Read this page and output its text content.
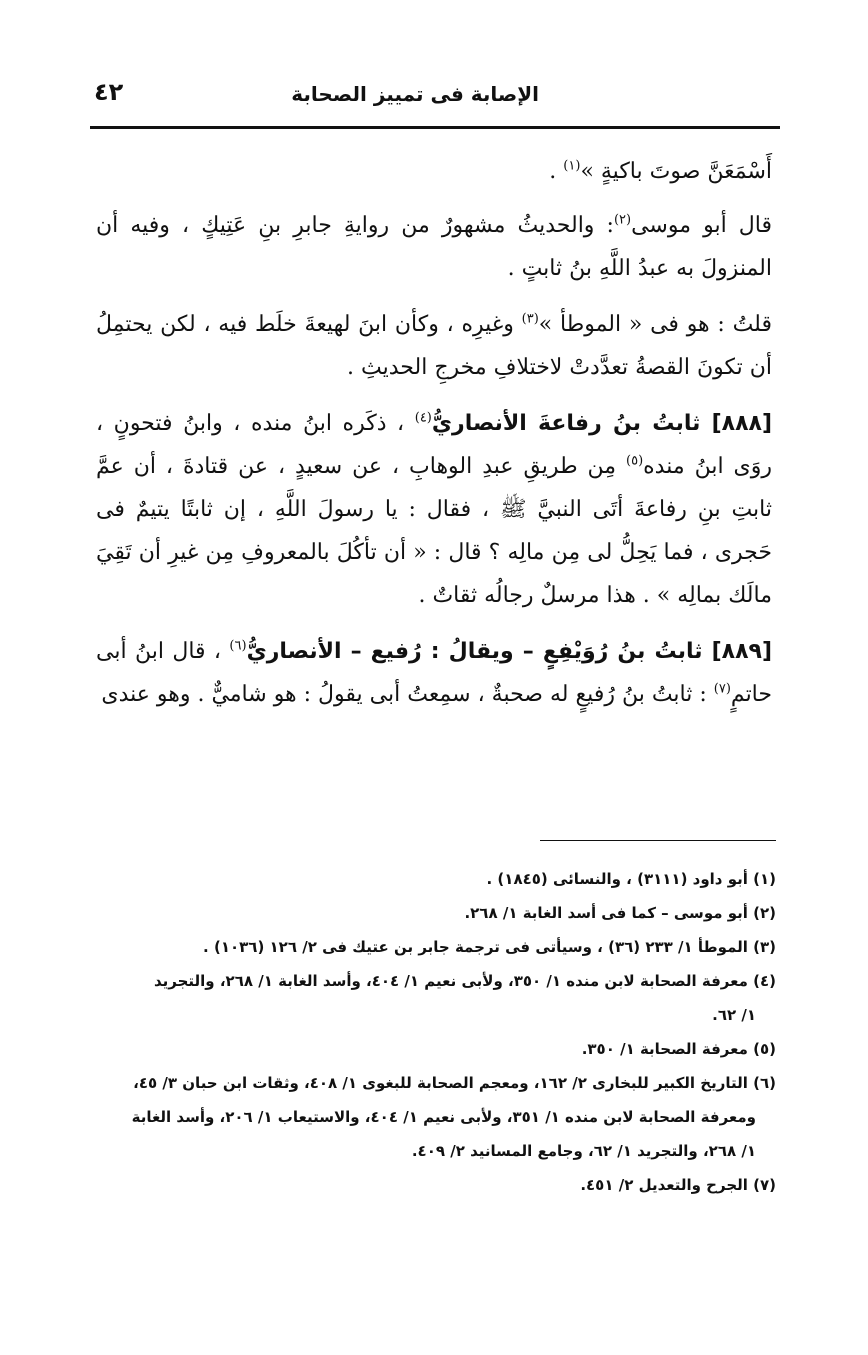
٤٢	الإصابة فى تمييز الصحابة

أَسْمَعَنَّ صوتَ باكيةٍ »$^{(١)}$ .

قال أبو موسى$^{(٢)}$: والحديثُ مشهورٌ من روايةِ جابرِ بنِ عَتِيكٍ ، وفيه أن المنزولَ به عبدُ اللَّهِ بنُ ثابتٍ .

قلتُ : هو فى « الموطأ »$^{(٣)}$ وغيرِه ، وكأن ابنَ لهيعةَ خلَط فيه ، لكن يحتمِلُ أن تكونَ القصةُ تعدَّدتْ لاختلافِ مخرجِ الحديثِ .

[٨٨٨] ثابتُ بنُ رفاعةَ الأنصاريُّ$^{(٤)}$ ، ذكَره ابنُ منده ، وابنُ فتحونٍ ، روَى ابنُ منده$^{(٥)}$ مِن طريقِ عبدِ الوهابِ ، عن سعيدٍ ، عن قتادةَ ، أن عمَّ ثابتِ بنِ رفاعةَ أتَى النبيَّ ﷺ ، فقال : يا رسولَ اللَّهِ ، إن ثابتًا يتيمٌ فى حَجرى ، فما يَحِلُّ لى مِن مالِه ؟ قال : « أن تأكُلَ بالمعروفِ مِن غيرِ أن تَقِيَ مالَك بمالِه » . هذا مرسلٌ رجالُه ثقاتٌ .

[٨٨٩] ثابتُ بنُ رُوَيْفِعٍ – ويقالُ : رُفيع – الأنصاريُّ$^{(٦)}$ ، قال ابنُ أبى حاتمٍ$^{(٧)}$ : ثابتُ بنُ رُفيعٍ له صحبةٌ ، سمِعتُ أبى يقولُ : هو شاميٌّ . وهو عندى

(١) أبو داود (٣١١١) ، والنسائى (١٨٤٥) .

(٢) أبو موسى – كما فى أسد الغابة ١/ ٢٦٨.

(٣) الموطأ ١/ ٢٣٣ (٣٦) ، وسيأتى فى ترجمة جابر بن عتيك فى ٢/ ١٢٦ (١٠٣٦) .

(٤) معرفة الصحابة لابن منده ١/ ٣٥٠، ولأبى نعيم ١/ ٤٠٤، وأسد الغابة ١/ ٢٦٨، والتجريد

١/ ٦٢.

(٥) معرفة الصحابة ١/ ٣٥٠.

(٦) التاريخ الكبير للبخارى ٢/ ١٦٢، ومعجم الصحابة للبغوى ١/ ٤٠٨، وثقات ابن حبان ٣/ ٤٥،

ومعرفة الصحابة لابن منده ١/ ٣٥١، ولأبى نعيم ١/ ٤٠٤، والاستيعاب ١/ ٢٠٦، وأسد الغابة

١/ ٢٦٨، والتجريد ١/ ٦٢، وجامع المسانيد ٢/ ٤٠٩.

(٧) الجرح والتعديل ٢/ ٤٥١.
